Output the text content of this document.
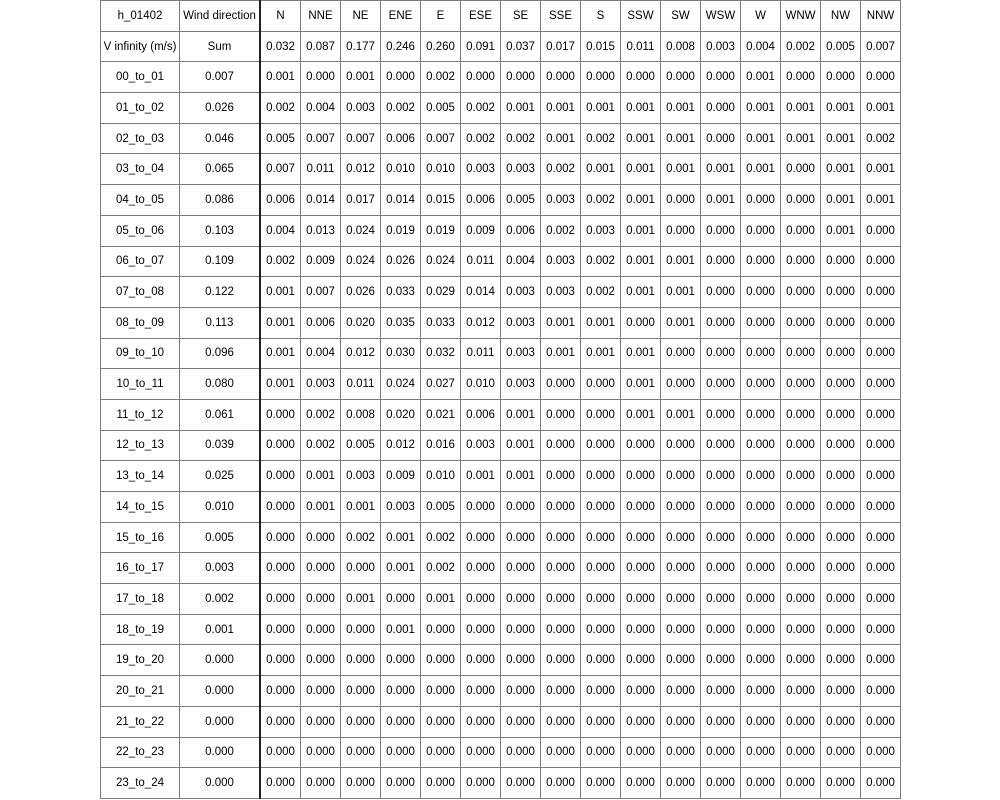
h_01402	Wind direction	N	NNE	NE	ENE	E	ESE	SE	SSE	S	SSW	SW	WSW	W	WNW	NW	NNW
V infinity (m/s)	Sum	0.032	0.087	0.177	0.246	0.260	0.091	0.037	0.017	0.015	0.011	0.008	0.003	0.004	0.002	0.005	0.007
00_to_01	0.007	0.001	0.000	0.001	0.000	0.002	0.000	0.000	0.000	0.000	0.000	0.000	0.000	0.001	0.000	0.000	0.000
01_to_02	0.026	0.002	0.004	0.003	0.002	0.005	0.002	0.001	0.001	0.001	0.001	0.001	0.000	0.001	0.001	0.001	0.001
02_to_03	0.046	0.005	0.007	0.007	0.006	0.007	0.002	0.002	0.001	0.002	0.001	0.001	0.000	0.001	0.001	0.001	0.002
03_to_04	0.065	0.007	0.011	0.012	0.010	0.010	0.003	0.003	0.002	0.001	0.001	0.001	0.001	0.001	0.000	0.001	0.001
04_to_05	0.086	0.006	0.014	0.017	0.014	0.015	0.006	0.005	0.003	0.002	0.001	0.000	0.001	0.000	0.000	0.001	0.001
05_to_06	0.103	0.004	0.013	0.024	0.019	0.019	0.009	0.006	0.002	0.003	0.001	0.000	0.000	0.000	0.000	0.001	0.000
06_to_07	0.109	0.002	0.009	0.024	0.026	0.024	0.011	0.004	0.003	0.002	0.001	0.001	0.000	0.000	0.000	0.000	0.000
07_to_08	0.122	0.001	0.007	0.026	0.033	0.029	0.014	0.003	0.003	0.002	0.001	0.001	0.000	0.000	0.000	0.000	0.000
08_to_09	0.113	0.001	0.006	0.020	0.035	0.033	0.012	0.003	0.001	0.001	0.000	0.001	0.000	0.000	0.000	0.000	0.000
09_to_10	0.096	0.001	0.004	0.012	0.030	0.032	0.011	0.003	0.001	0.001	0.001	0.000	0.000	0.000	0.000	0.000	0.000
10_to_11	0.080	0.001	0.003	0.011	0.024	0.027	0.010	0.003	0.000	0.000	0.001	0.000	0.000	0.000	0.000	0.000	0.000
11_to_12	0.061	0.000	0.002	0.008	0.020	0.021	0.006	0.001	0.000	0.000	0.001	0.001	0.000	0.000	0.000	0.000	0.000
12_to_13	0.039	0.000	0.002	0.005	0.012	0.016	0.003	0.001	0.000	0.000	0.000	0.000	0.000	0.000	0.000	0.000	0.000
13_to_14	0.025	0.000	0.001	0.003	0.009	0.010	0.001	0.001	0.000	0.000	0.000	0.000	0.000	0.000	0.000	0.000	0.000
14_to_15	0.010	0.000	0.001	0.001	0.003	0.005	0.000	0.000	0.000	0.000	0.000	0.000	0.000	0.000	0.000	0.000	0.000
15_to_16	0.005	0.000	0.000	0.002	0.001	0.002	0.000	0.000	0.000	0.000	0.000	0.000	0.000	0.000	0.000	0.000	0.000
16_to_17	0.003	0.000	0.000	0.000	0.001	0.002	0.000	0.000	0.000	0.000	0.000	0.000	0.000	0.000	0.000	0.000	0.000
17_to_18	0.002	0.000	0.000	0.001	0.000	0.001	0.000	0.000	0.000	0.000	0.000	0.000	0.000	0.000	0.000	0.000	0.000
18_to_19	0.001	0.000	0.000	0.000	0.001	0.000	0.000	0.000	0.000	0.000	0.000	0.000	0.000	0.000	0.000	0.000	0.000
19_to_20	0.000	0.000	0.000	0.000	0.000	0.000	0.000	0.000	0.000	0.000	0.000	0.000	0.000	0.000	0.000	0.000	0.000
20_to_21	0.000	0.000	0.000	0.000	0.000	0.000	0.000	0.000	0.000	0.000	0.000	0.000	0.000	0.000	0.000	0.000	0.000
21_to_22	0.000	0.000	0.000	0.000	0.000	0.000	0.000	0.000	0.000	0.000	0.000	0.000	0.000	0.000	0.000	0.000	0.000
22_to_23	0.000	0.000	0.000	0.000	0.000	0.000	0.000	0.000	0.000	0.000	0.000	0.000	0.000	0.000	0.000	0.000	0.000
23_to_24	0.000	0.000	0.000	0.000	0.000	0.000	0.000	0.000	0.000	0.000	0.000	0.000	0.000	0.000	0.000	0.000	0.000
